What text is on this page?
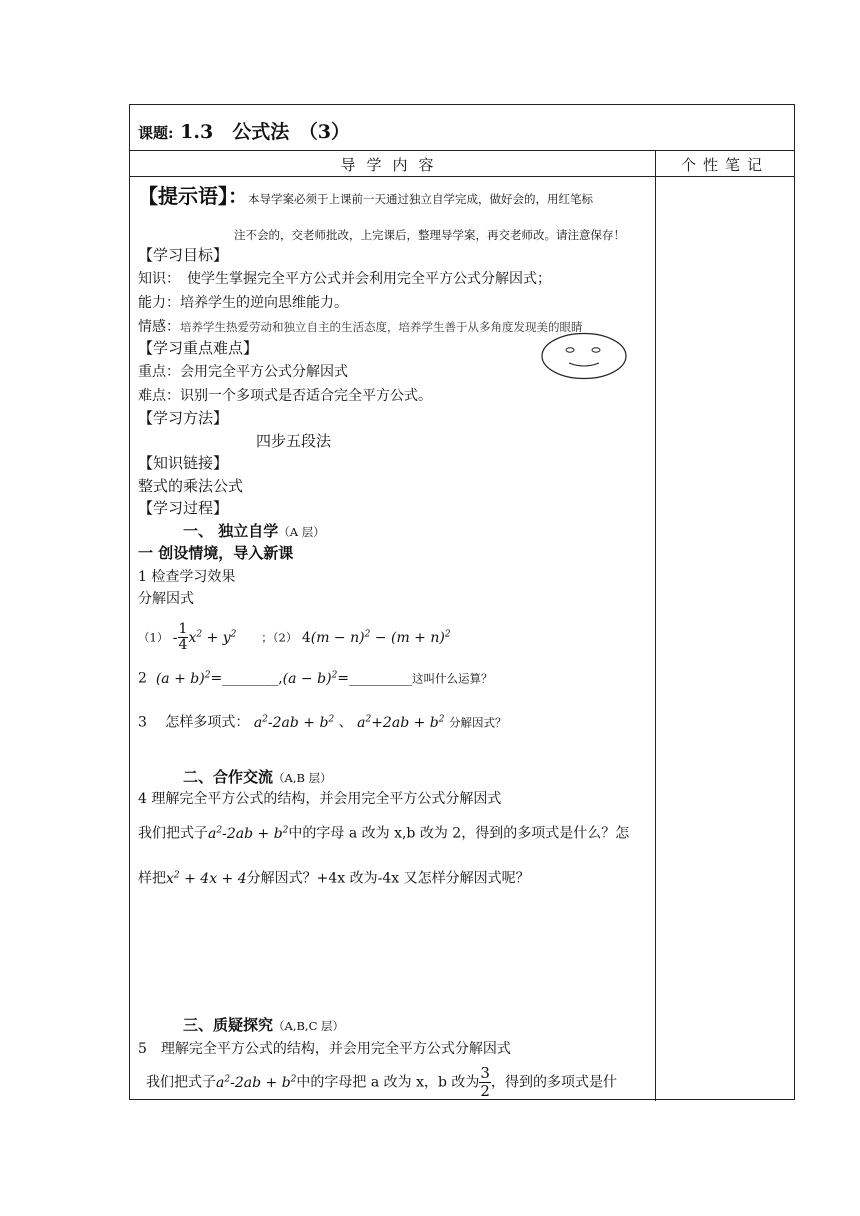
课题: 1.3　公式法　（3）
导学内容	个性笔记
【提示语】：本导学案必须于上课前一天通过独立自学完成，做好会的，用红笔标
注不会的，交老师批改，上完课后，整理导学案，再交老师改。请注意保存！
【学习目标】
知识：　使学生掌握完全平方公式并会利用完全平方公式分解因式；
能力：培养学生的逆向思维能力。
情感：培养学生热爱劳动和独立自主的生活态度，培养学生善于从多角度发现美的眼睛
【学习重点难点】
重点：会用完全平方公式分解因式
难点：识别一个多项式是否适合完全平方公式。
【学习方法】
四步五段法
【知识链接】
整式的乘法公式
【学习过程】
一、 独立自学（A 层）
一 创设情境，导入新课
1 检查学习效果
分解因式
$(1) - \frac{1}{4} x^2 + y^2$ ；（2） $4(m - n)^2 - (m + n)^2$
2 $(a + b)^2=\_\_\_\_\_\_\_\_,(a$ − b)$^2$=_________这叫什么运算？
3　 怎样多项式： $a^2-2ab + b^2$ 、 $a^2+2ab + b^2$ 分解因式？
二、合作交流（A,B 层）
4 理解完全平方公式的结构，并会用完全平方公式分解因式
我们把式子$a^2-2ab + b^2$中的字母 a 改为 x,b 改为 2，得到的多项式是什么？怎
样把$x^2 + 4x + 4$分解因式？+4x 改为-4x 又怎样分解因式呢？
三、质疑探究（A,B,C 层）
5　理解完全平方公式的结构，并会用完全平方公式分解因式
我们把式子$a^2-2ab + b^2$中的字母把 a 改为 x，b 改为 $\frac{3}{2}$ ，得到的多项式是什
